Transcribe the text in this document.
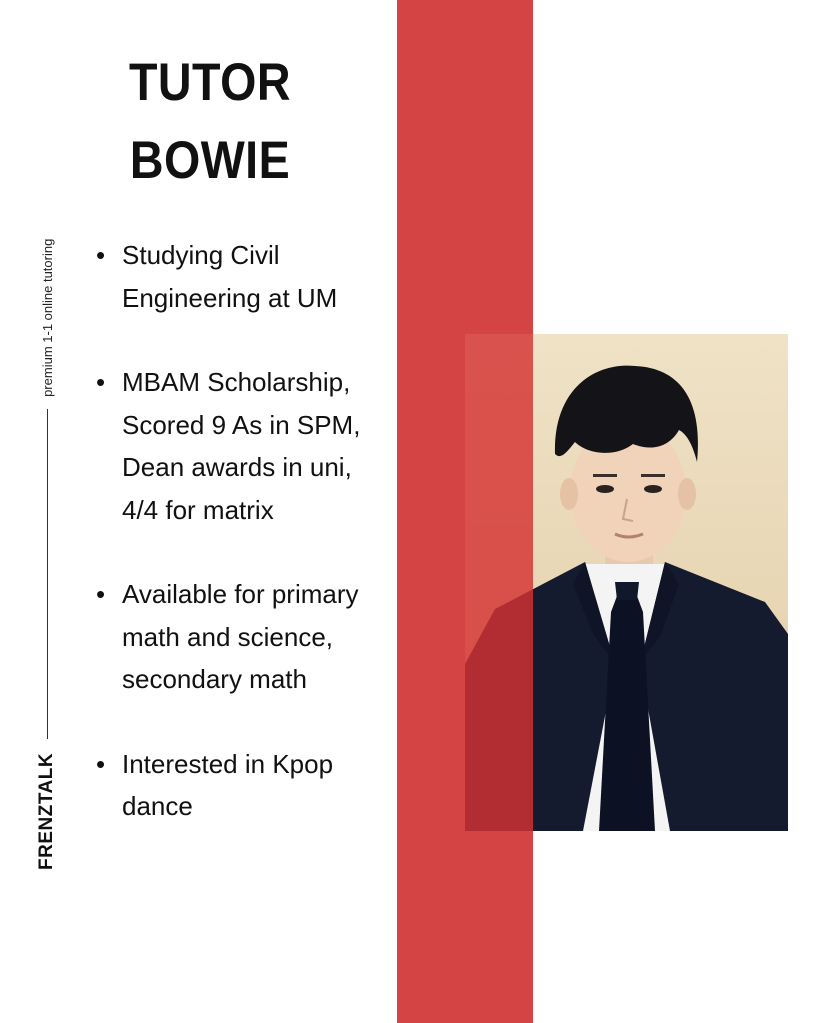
TUTOR
BOWIE
FRENZTALK
premium 1-1 online tutoring
•	Studying Civil Engineering at UM
• MBAM Scholarship, Scored 9 As in SPM, Dean awards in uni, 4/4 for matrix
• Available for primary math and science, secondary math
• Interested in Kpop dance
